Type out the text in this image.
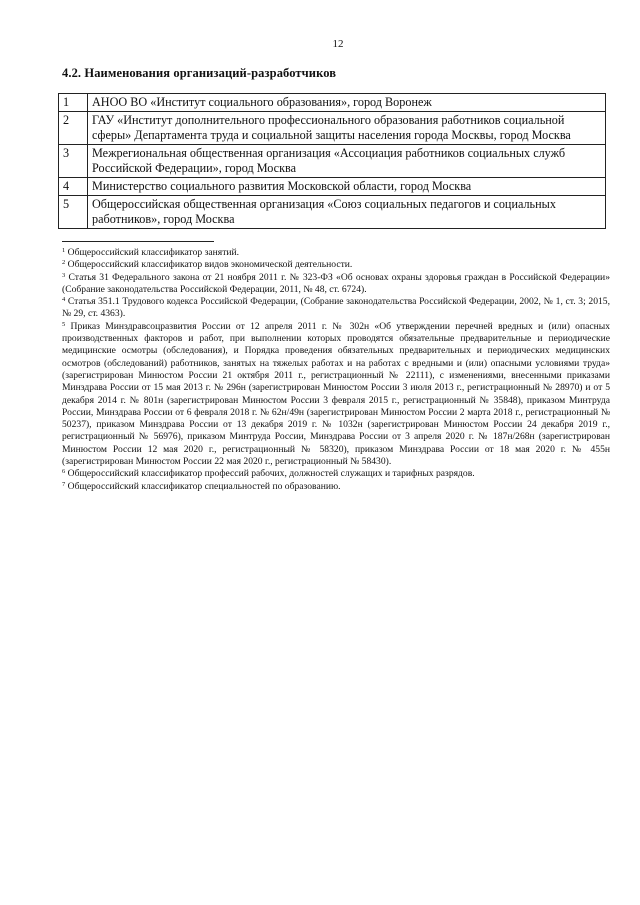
12
4.2. Наименования организаций-разработчиков
1	АНОО ВО «Институт социального образования», город Воронеж
2	ГАУ «Институт дополнительного профессионального образования работников социальной сферы» Департамента труда и социальной защиты населения города Москвы, город Москва
3	Межрегиональная общественная организация «Ассоциация работников социальных служб Российской Федерации», город Москва
4	Министерство социального развития Московской области, город Москва
5	Общероссийская общественная организация «Союз социальных педагогов и социальных работников», город Москва

$^1$ Общероссийский классификатор занятий.

$^2$ Общероссийский классификатор видов экономической деятельности.

$^3$ Статья 31 Федерального закона от 21 ноября 2011 г. № 323-ФЗ «Об основах охраны здоровья граждан в Российской Федерации» (Собрание законодательства Российской Федерации, 2011, № 48, ст. 6724).

$^4$ Статья 351.1 Трудового кодекса Российской Федерации, (Собрание законодательства Российской Федерации, 2002, № 1, ст. 3; 2015, № 29, ст. 4363).

$^5$ Приказ Минздравсоцразвития России от 12 апреля 2011 г. № 302н «Об утверждении перечней вредных и (или) опасных производственных факторов и работ, при выполнении которых проводятся обязательные предварительные и периодические медицинские осмотры (обследования), и Порядка проведения обязательных предварительных и периодических медицинских осмотров (обследований) работников, занятых на тяжелых работах и на работах с вредными и (или) опасными условиями труда» (зарегистрирован Минюстом России 21 октября 2011 г., регистрационный № 22111), с изменениями, внесенными приказами Минздрава России от 15 мая 2013 г. № 296н (зарегистрирован Минюстом России 3 июля 2013 г., регистрационный № 28970) и от 5 декабря 2014 г. № 801н (зарегистрирован Минюстом России 3 февраля 2015 г., регистрационный № 35848), приказом Минтруда России, Минздрава России от 6 февраля 2018 г. № 62н/49н (зарегистрирован Минюстом России 2 марта 2018 г., регистрационный № 50237), приказом Минздрава России от 13 декабря 2019 г. № 1032н (зарегистрирован Минюстом России 24 декабря 2019 г., регистрационный № 56976), приказом Минтруда России, Минздрава России от 3 апреля 2020 г. № 187н/268н (зарегистрирован Минюстом России 12 мая 2020 г., регистрационный № 58320), приказом Минздрава России от 18 мая 2020 г. № 455н (зарегистрирован Минюстом России 22 мая 2020 г., регистрационный № 58430).

$^6$ Общероссийский классификатор профессий рабочих, должностей служащих и тарифных разрядов.

$^7$ Общероссийский классификатор специальностей по образованию.
